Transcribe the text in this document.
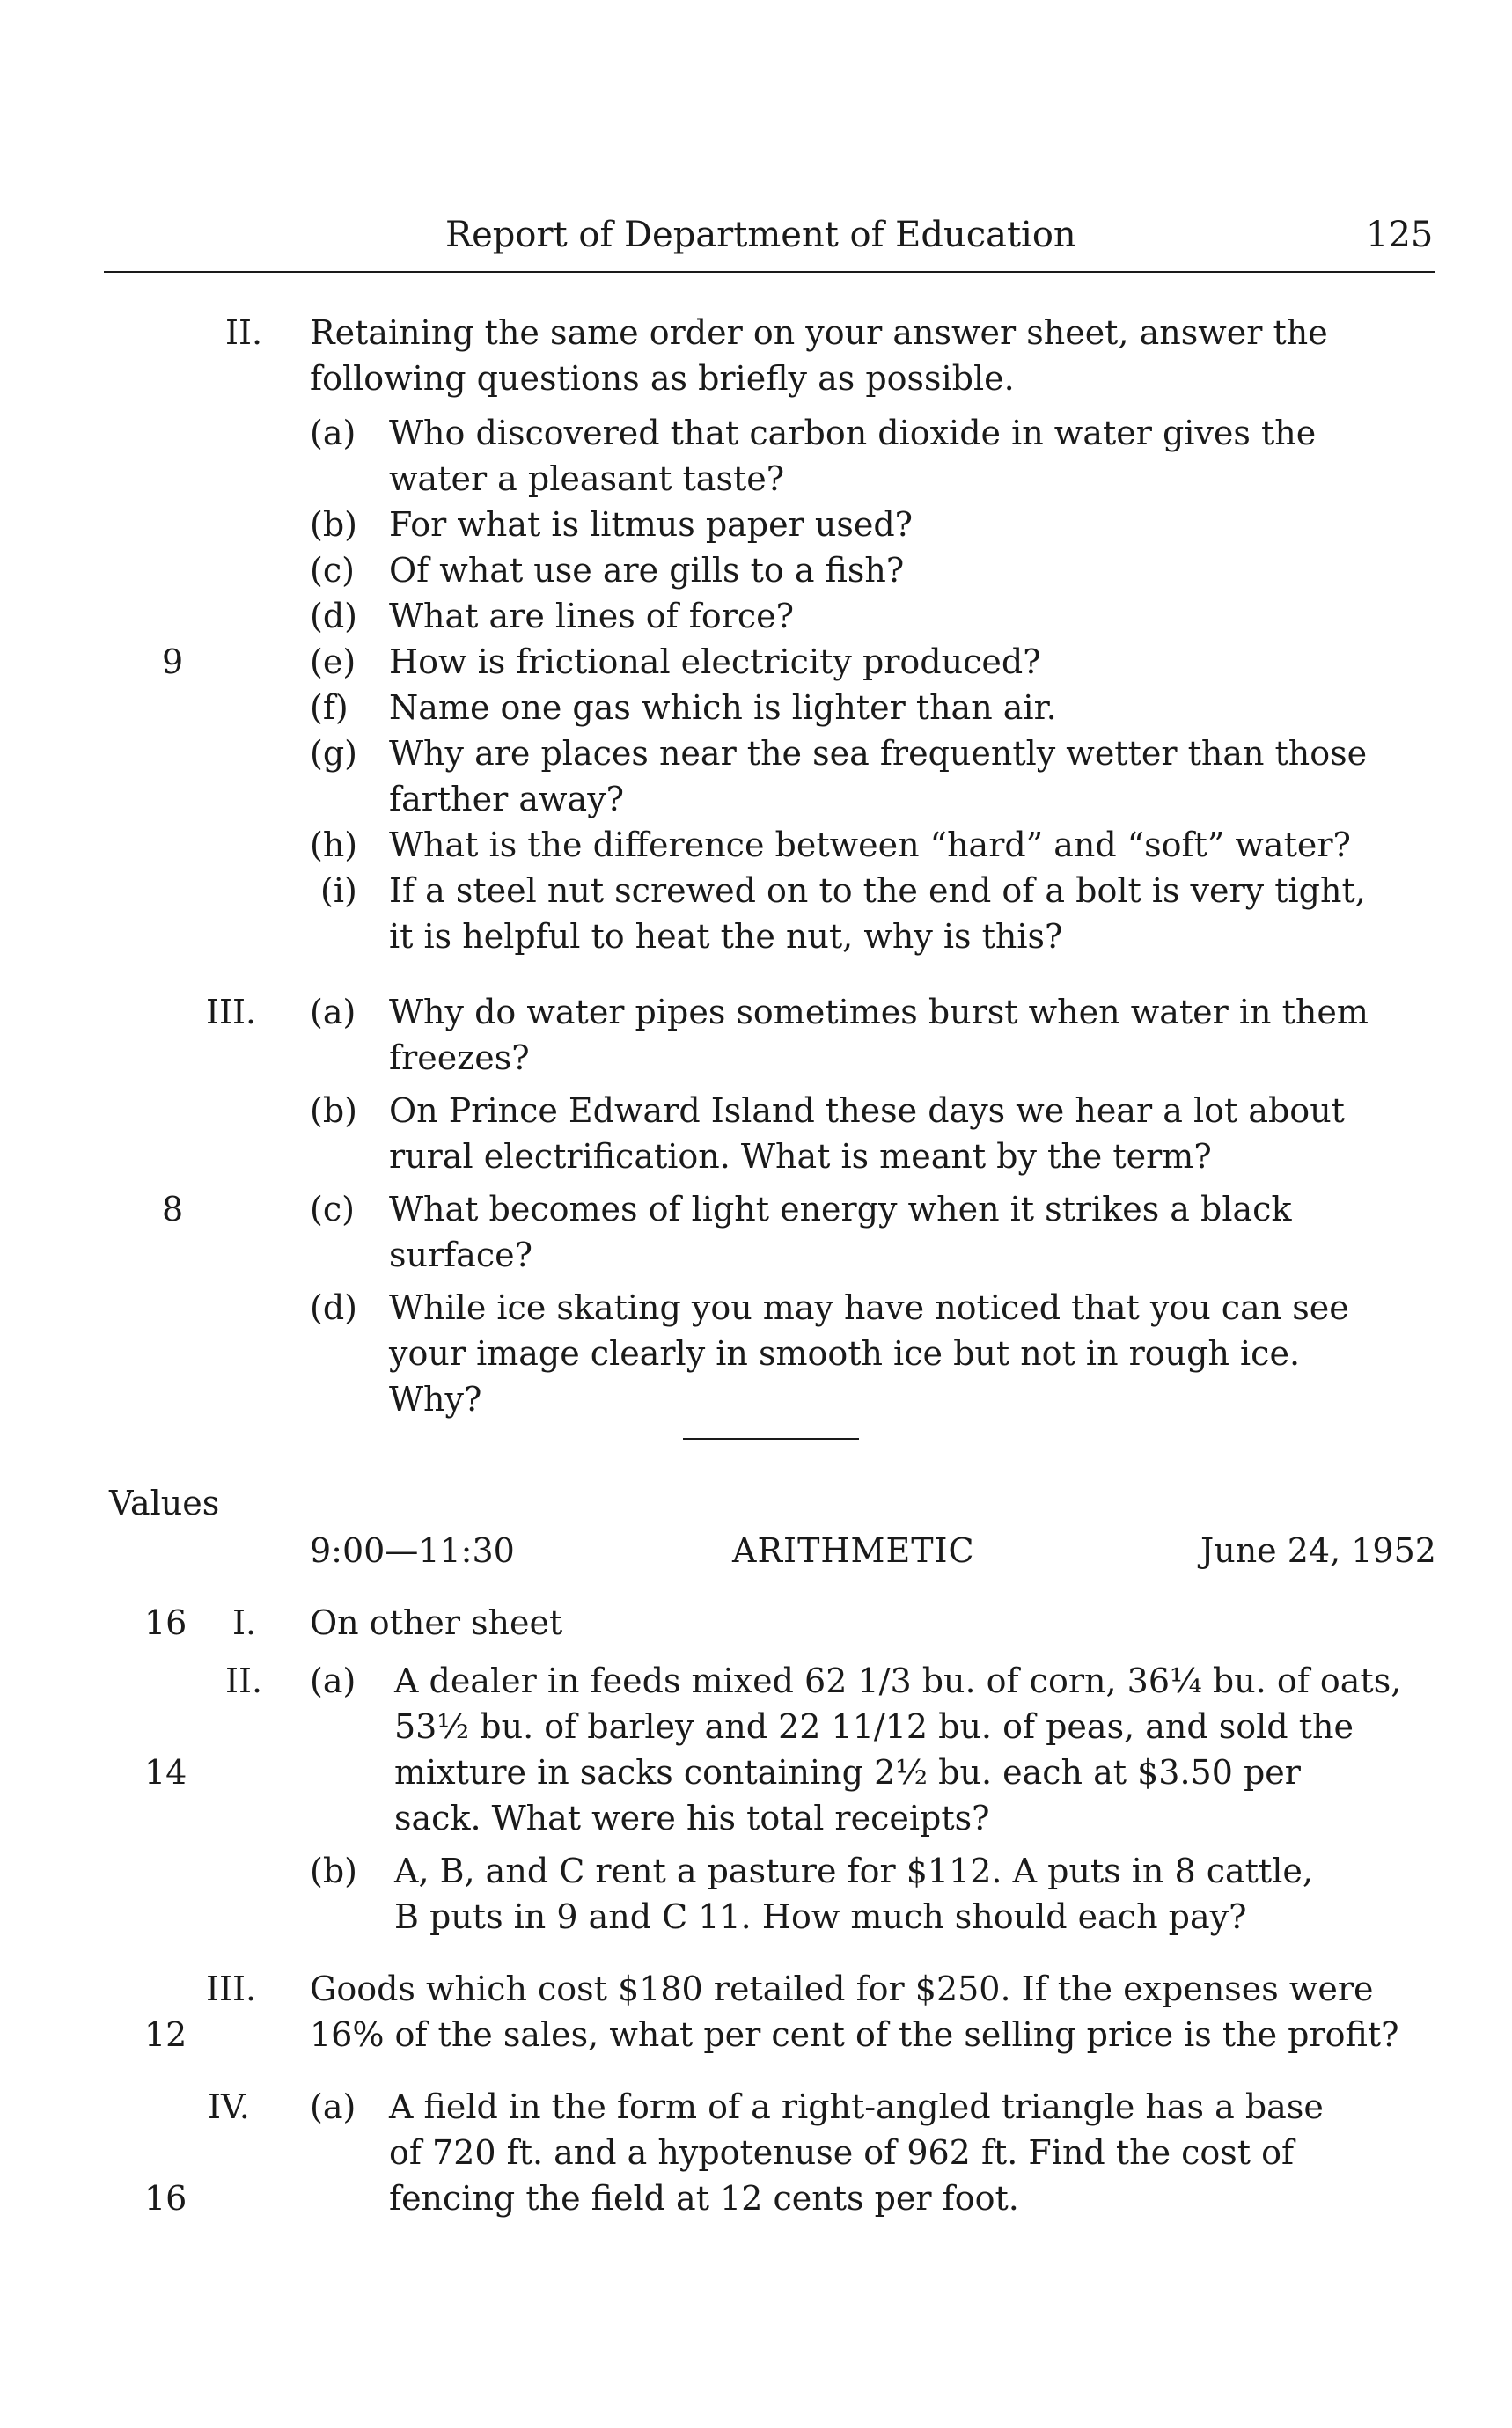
Report of Department of Education	125
II. Retaining the same order on your answer sheet, answer the
following questions as briefly as possible.
(a) Who discovered that carbon dioxide in water gives the
water a pleasant taste?
(b) For what is litmus paper used?
(c) Of what use are gills to a fish?
(d) What are lines of force?
9	(e) How is frictional electricity produced?
(f) Name one gas which is lighter than air.
(g) Why are places near the sea frequently wetter than those
farther away?
(h) What is the difference between “hard” and “soft” water?
(i) If a steel nut screwed on to the end of a bolt is very tight,
it is helpful to heat the nut, why is this?
III. (a) Why do water pipes sometimes burst when water in them
freezes?
(b) On Prince Edward Island these days we hear a lot about
rural electrification. What is meant by the term?
8	(c) What becomes of light energy when it strikes a black
surface?
(d) While ice skating you may have noticed that you can see
your image clearly in smooth ice but not in rough ice.
Why?
Values
9:00—11:30	ARITHMETIC	June 24, 1952
16 I. On other sheet
II. (a) A dealer in feeds mixed 62 1/3 bu. of corn, 36¼ bu. of oats,
53½ bu. of barley and 22 11/12 bu. of peas, and sold the
14	mixture in sacks containing 2½ bu. each at $3.50 per
sack. What were his total receipts?
(b) A, B, and C rent a pasture for $112. A puts in 8 cattle,
B puts in 9 and C 11. How much should each pay?
III. Goods which cost $180 retailed for $250. If the expenses were
12	16% of the sales, what per cent of the selling price is the profit?
IV. (a) A field in the form of a right-angled triangle has a base
of 720 ft. and a hypotenuse of 962 ft. Find the cost of
16	fencing the field at 12 cents per foot.
